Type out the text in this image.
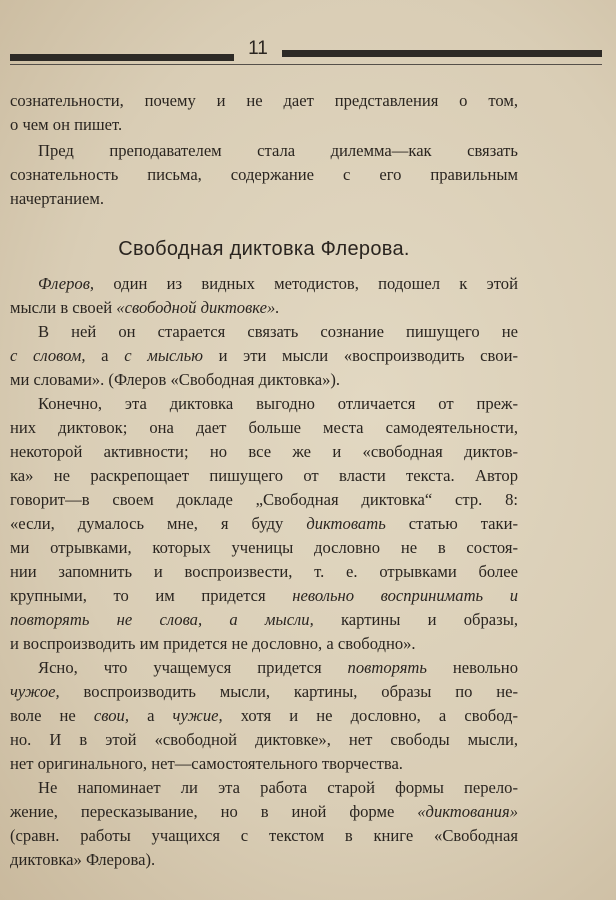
11

сознательности, почему и не дает представления о том,
о чем он пишет.

Пред преподавателем стала дилемма—как связать
сознательность письма, содержание с его правильным
начертанием.

Свободная диктовка Флерова.

Флеров, один из видных методистов, подошел к этой
мысли в своей «свободной диктовке».

В ней он старается связать сознание пишущего не
с словом, а с мыслью и эти мысли «воспроизводить свои-
ми словами». (Флеров «Свободная диктовка»).

Конечно, эта диктовка выгодно отличается от преж-
них диктовок; она дает больше места самодеятельности,
некоторой активности; но все же и «свободная диктов-
ка» не раскрепощает пишущего от власти текста. Автор
говорит—в своем докладе „Свободная диктовка“ стр. 8:
«если, думалось мне, я буду диктовать статью таки-
ми отрывками, которых ученицы дословно не в состоя-
нии запомнить и воспроизвести, т. е. отрывками более
крупными, то им придется невольно воспринимать и
повторять не слова, а мысли, картины и образы,
и воспроизводить им придется не дословно, а свободно».

Ясно, что учащемуся придется повторять невольно
чужое, воспроизводить мысли, картины, образы по не-
воле не свои, а чужие, хотя и не дословно, а свобод-
но. И в этой «свободной диктовке», нет свободы мысли,
нет оригинального, нет—самостоятельного творчества.

Не напоминает ли эта работа старой формы перело-
жение, пересказывание, но в иной форме «диктования»
(сравн. работы учащихся с текстом в книге «Свободная
диктовка» Флерова).
